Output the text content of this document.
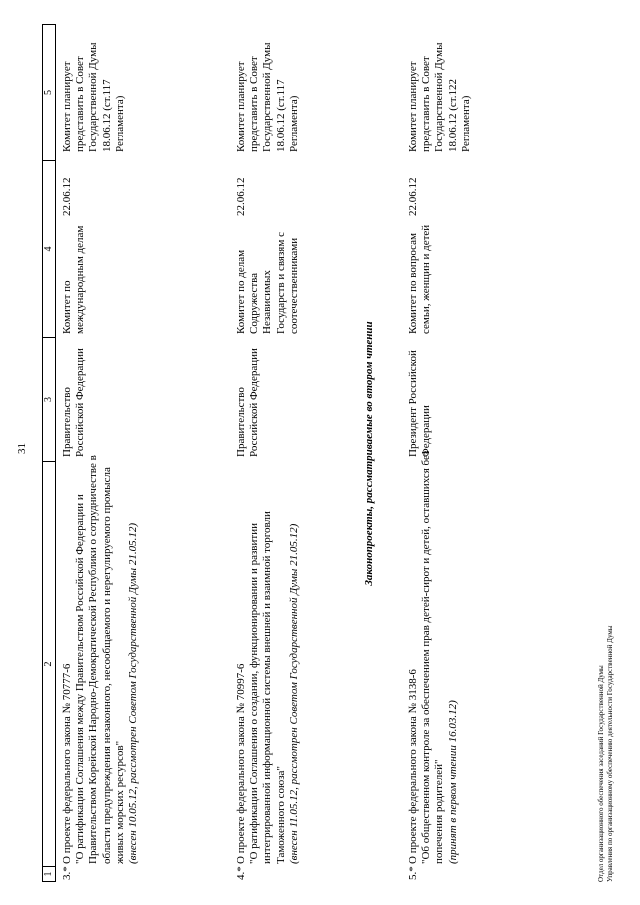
31
1
2
3
4
5
3.*
О проекте федерального закона № 70777-6
"О ратификации Соглашения между Правительством Российской Федерации и Правительством Корейской Народно-Демократической Республики о сотрудничестве в области предупреждения незаконного, несообщаемого и нерегулируемого промысла живых морских ресурсов"
(внесен 10.05.12, рассмотрен Советом Государственной Думы 21.05.12)
Правительство Российской Федерации
Комитет по международным делам
4.*
О проекте федерального закона № 70997-6
"О ратификации Соглашения о создании, функционировании и развитии интегрированной информационной системы внешней и взаимной торговли Таможенного союза"
(внесен 11.05.12, рассмотрен Советом Государственной Думы 21.05.12)
Правительство Российской Федерации
Комитет по делам Содружества Независимых Государств и связям с соотечественниками
Законопроекты, рассматриваемые во втором чтении
5.*
О проекте федерального закона № 3138-6
"Об общественном контроле за обеспечением прав детей-сирот и детей, оставшихся без попечения родителей"
(принят в первом чтении 16.03.12)
Президент Российской Федерации
Комитет по вопросам семьи, женщин и детей
Отдел организационного обеспечения заседаний Государственной Думы Управления по организационному обеспечению деятельности Государственной Думы
22.06.12
Комитет планирует представить в Совет Государственной Думы 18.06.12 (ст.117 Регламента)
22.06.12
Комитет планирует представить в Совет Государственной Думы 18.06.12 (ст.117 Регламента)
22.06.12
Комитет планирует представить в Совет Государственной Думы 18.06.12 (ст.122 Регламента)
